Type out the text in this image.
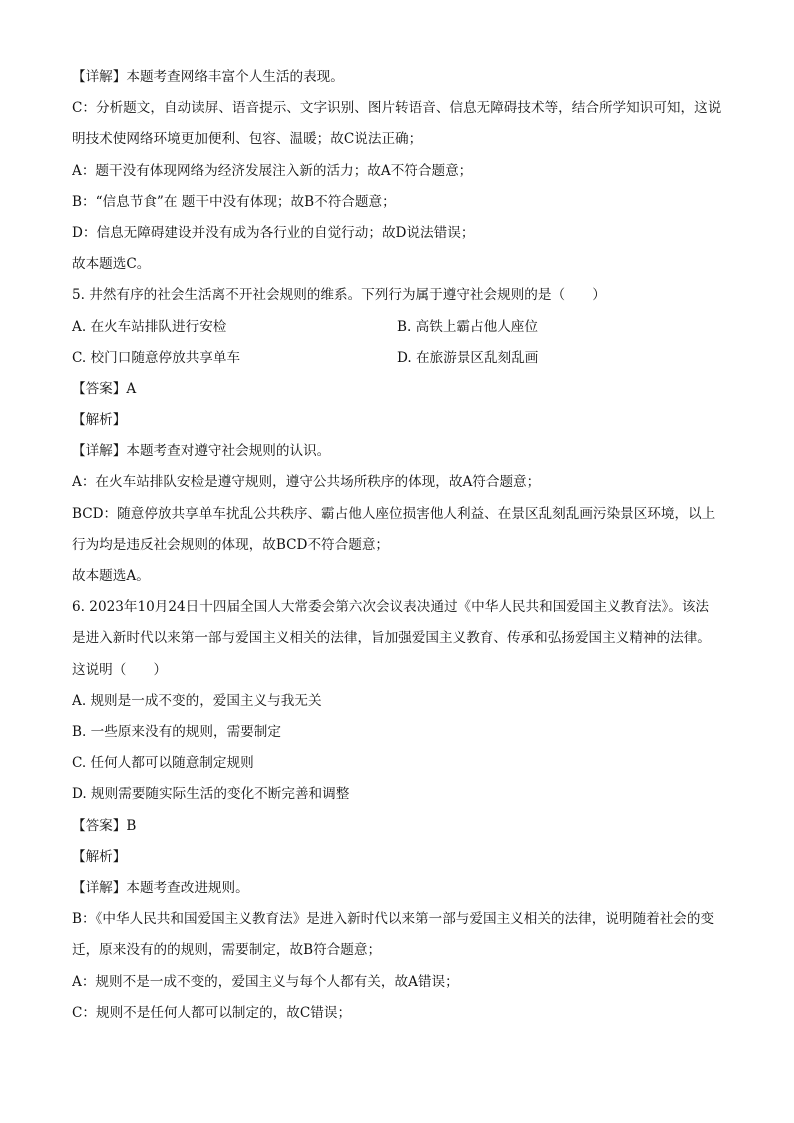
【详解】本题考查网络丰富个人生活的表现。
C：分析题文，自动读屏、语音提示、文字识别、图片转语音、信息无障碍技术等，结合所学知识可知，这说明技术使网络环境更加便利、包容、温暖；故C说法正确；
A：题干没有体现网络为经济发展注入新的活力；故A不符合题意；
B：“信息节食”在 题干中没有体现；故B不符合题意；
D：信息无障碍建设并没有成为各行业的自觉行动；故D说法错误；
故本题选C。
5. 井然有序的社会生活离不开社会规则的维系。下列行为属于遵守社会规则的是（　　）
A. 在火车站排队进行安检	B. 高铁上霸占他人座位
C. 校门口随意停放共享单车	D. 在旅游景区乱刻乱画
【答案】A
【解析】
【详解】本题考查对遵守社会规则的认识。
A：在火车站排队安检是遵守规则，遵守公共场所秩序的体现，故A符合题意；
BCD：随意停放共享单车扰乱公共秩序、霸占他人座位损害他人利益、在景区乱刻乱画污染景区环境，以上行为均是违反社会规则的体现，故BCD不符合题意；
故本题选A。
6. 2023年10月24日十四届全国人大常委会第六次会议表决通过《中华人民共和国爱国主义教育法》。该法是进入新时代以来第一部与爱国主义相关的法律，旨加强爱国主义教育、传承和弘扬爱国主义精神的法律。这说明（　　）
A. 规则是一成不变的，爱国主义与我无关
B. 一些原来没有的规则，需要制定
C. 任何人都可以随意制定规则
D. 规则需要随实际生活的变化不断完善和调整
【答案】B
【解析】
【详解】本题考查改进规则。
B：《中华人民共和国爱国主义教育法》是进入新时代以来第一部与爱国主义相关的法律，说明随着社会的变迁，原来没有的的规则，需要制定，故B符合题意；
A：规则不是一成不变的，爱国主义与每个人都有关，故A错误；
C：规则不是任何人都可以制定的，故C错误；
